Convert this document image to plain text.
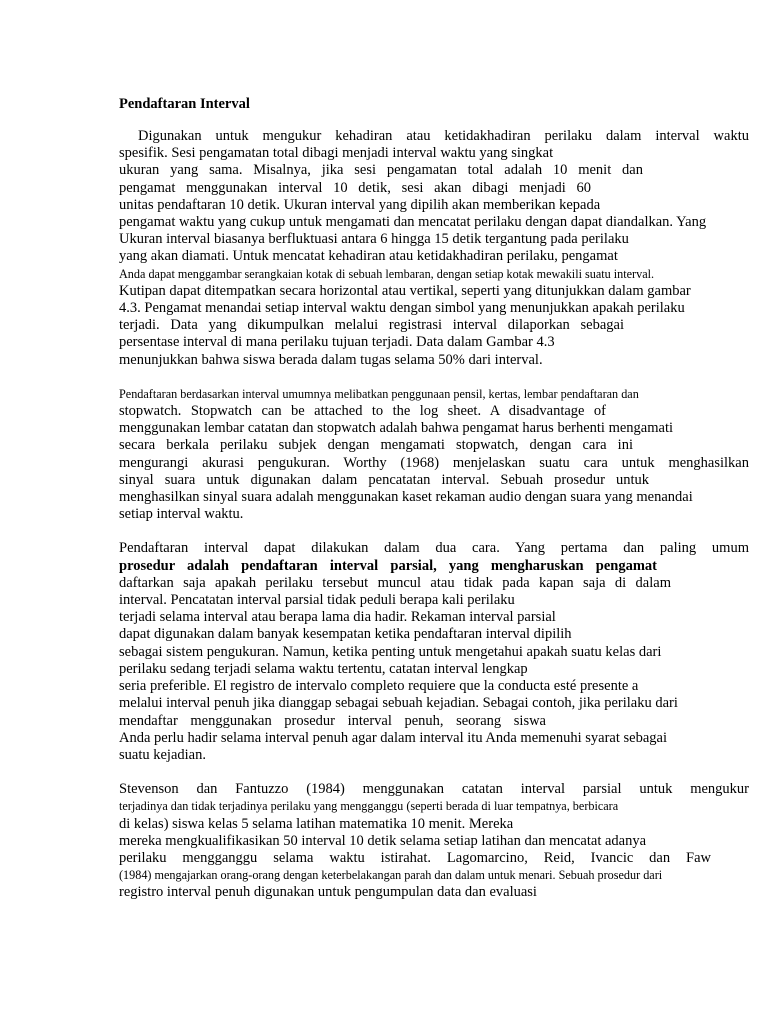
Pendaftaran Interval
Digunakan untuk mengukur kehadiran atau ketidakhadiran perilaku dalam interval waktu
spesifik. Sesi pengamatan total dibagi menjadi interval waktu yang singkat
ukuran yang sama. Misalnya, jika sesi pengamatan total adalah 10 menit dan
pengamat menggunakan interval 10 detik, sesi akan dibagi menjadi 60
unitas pendaftaran 10 detik. Ukuran interval yang dipilih akan memberikan kepada
pengamat waktu yang cukup untuk mengamati dan mencatat perilaku dengan dapat diandalkan. Yang
Ukuran interval biasanya berfluktuasi antara 6 hingga 15 detik tergantung pada perilaku
yang akan diamati. Untuk mencatat kehadiran atau ketidakhadiran perilaku, pengamat
Anda dapat menggambar serangkaian kotak di sebuah lembaran, dengan setiap kotak mewakili suatu interval.
Kutipan dapat ditempatkan secara horizontal atau vertikal, seperti yang ditunjukkan dalam gambar
4.3. Pengamat menandai setiap interval waktu dengan simbol yang menunjukkan apakah perilaku
terjadi. Data yang dikumpulkan melalui registrasi interval dilaporkan sebagai
persentase interval di mana perilaku tujuan terjadi. Data dalam Gambar 4.3
menunjukkan bahwa siswa berada dalam tugas selama 50% dari interval.
Pendaftaran berdasarkan interval umumnya melibatkan penggunaan pensil, kertas, lembar pendaftaran dan
stopwatch. Stopwatch can be attached to the log sheet. A disadvantage of
menggunakan lembar catatan dan stopwatch adalah bahwa pengamat harus berhenti mengamati
secara berkala perilaku subjek dengan mengamati stopwatch, dengan cara ini
mengurangi akurasi pengukuran. Worthy (1968) menjelaskan suatu cara untuk menghasilkan
sinyal suara untuk digunakan dalam pencatatan interval. Sebuah prosedur untuk
menghasilkan sinyal suara adalah menggunakan kaset rekaman audio dengan suara yang menandai
setiap interval waktu.
Pendaftaran interval dapat dilakukan dalam dua cara. Yang pertama dan paling umum
prosedur adalah pendaftaran interval parsial, yang mengharuskan pengamat
daftarkan saja apakah perilaku tersebut muncul atau tidak pada kapan saja di dalam
interval. Pencatatan interval parsial tidak peduli berapa kali perilaku
terjadi selama interval atau berapa lama dia hadir. Rekaman interval parsial
dapat digunakan dalam banyak kesempatan ketika pendaftaran interval dipilih
sebagai sistem pengukuran. Namun, ketika penting untuk mengetahui apakah suatu kelas dari
perilaku sedang terjadi selama waktu tertentu, catatan interval lengkap
seria preferible. El registro de intervalo completo requiere que la conducta esté presente a
melalui interval penuh jika dianggap sebagai sebuah kejadian. Sebagai contoh, jika perilaku dari
mendaftar menggunakan prosedur interval penuh, seorang siswa
Anda perlu hadir selama interval penuh agar dalam interval itu Anda memenuhi syarat sebagai
suatu kejadian.
Stevenson dan Fantuzzo (1984) menggunakan catatan interval parsial untuk mengukur
terjadinya dan tidak terjadinya perilaku yang mengganggu (seperti berada di luar tempatnya, berbicara
di kelas) siswa kelas 5 selama latihan matematika 10 menit. Mereka
mereka mengkualifikasikan 50 interval 10 detik selama setiap latihan dan mencatat adanya
perilaku mengganggu selama waktu istirahat. Lagomarcino, Reid, Ivancic dan Faw
(1984) mengajarkan orang-orang dengan keterbelakangan parah dan dalam untuk menari. Sebuah prosedur dari
registro interval penuh digunakan untuk pengumpulan data dan evaluasi
